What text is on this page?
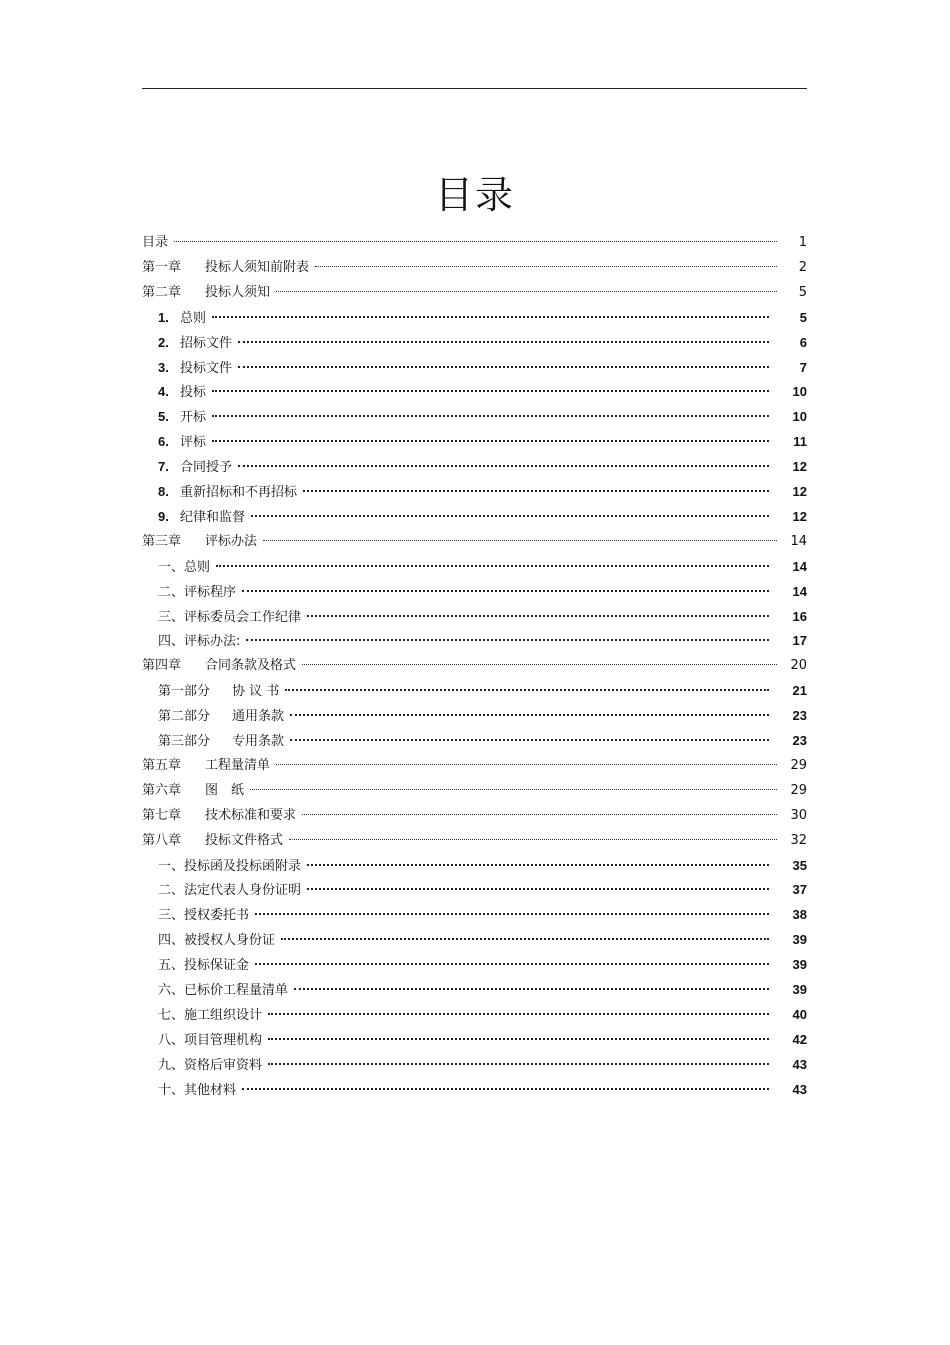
目录
目录	1
第一章 投标人须知前附表	2
第二章 投标人须知	5
1. 总则	5
2. 招标文件	6
3. 投标文件	7
4. 投标	10
5. 开标	10
6. 评标	11
7. 合同授予	12
8. 重新招标和不再招标	12
9. 纪律和监督	12
第三章 评标办法	14
一、总则	14
二、评标程序	14
三、评标委员会工作纪律	16
四、评标办法:	17
第四章 合同条款及格式	20
第一部分 协 议 书	21
第二部分 通用条款	23
第三部分 专用条款	23
第五章 工程量清单	29
第六章 图　纸	29
第七章 技术标准和要求	30
第八章 投标文件格式	32
一、投标函及投标函附录	35
二、法定代表人身份证明	37
三、授权委托书	38
四、被授权人身份证	39
五、投标保证金	39
六、已标价工程量清单	39
七、施工组织设计	40
八、项目管理机构	42
九、资格后审资料	43
十、其他材料	43
